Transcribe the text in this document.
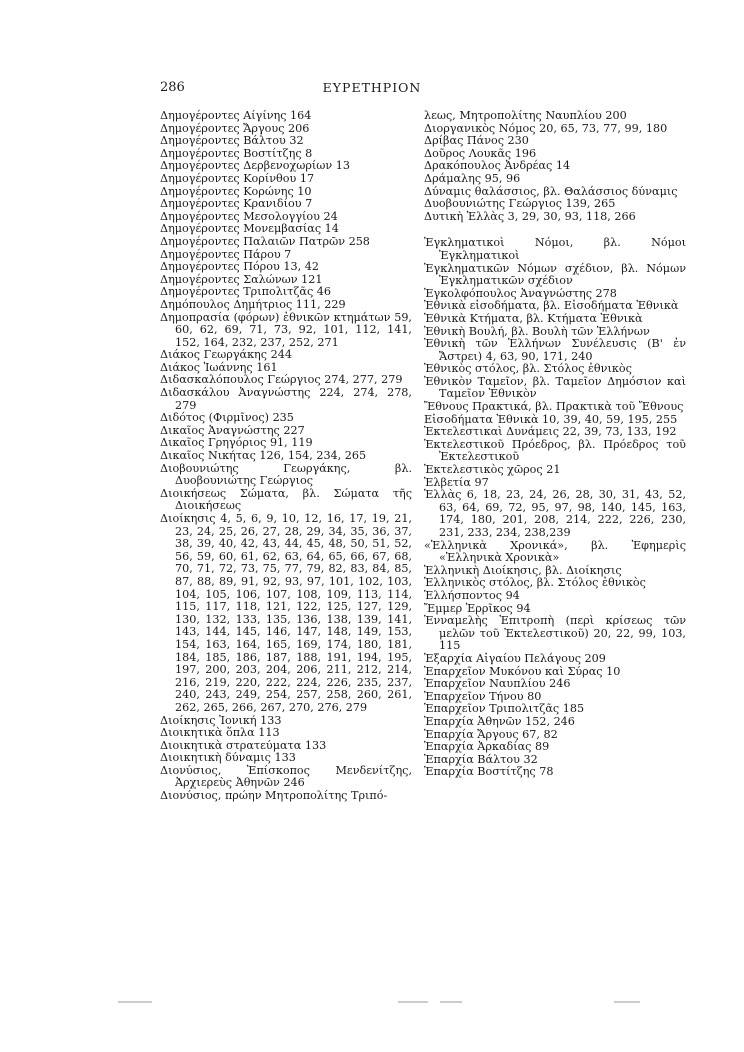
ΕΥΡΕΤΗΡΙΟΝ
286
Δημογέροντες Αίγίνης 164
Δημογέροντες Ἄργους 206
Δημογέροντες Βάλτου 32
Δημογέροντες Βοστίτζης 8
Δημογέροντες Δερβενοχωρίων 13
Δημογέροντες Κορίνθου 17
Δημογέροντες Κορώνης 10
Δημογέροντες Κρανιδίου 7
Δημογέροντες Μεσολογγίου 24
Δημογέροντες Μονεμβασίας 14
Δημογέροντες Παλαιῶν Πατρῶν 258
Δημογέροντες Πάρου 7
Δημογέροντες Πόρου 13, 42
Δημογέροντες Σαλώνων 121
Δημογέροντες Τριπολιτζᾶς 46
Δημόπουλος Δημήτριος 111, 229
Δημοπρασία (φόρων) ἐθνικῶν κτημάτων 59, 60, 62, 69, 71, 73, 92, 101, 112, 141, 152, 164, 232, 237, 252, 271
Διάκος Γεωργάκης 244
Διάκος Ἰωάννης 161
Διδασκαλόπουλος Γεώργιος 274, 277, 279
Διδασκάλου Ἀναγνώστης 224, 274, 278, 279
Διδότος (Φιρμῖνος) 235
Δικαῖος Ἀναγνώστης 227
Δικαῖος Γρηγόριος 91, 119
Δικαῖος Νικήτας 126, 154, 234, 265
Διοβουνιώτης Γεωργάκης, βλ. Δυοβουνιώτης Γεώργιος
Διοικήσεως Σώματα, βλ. Σώματα τῆς Διοικήσεως
Διοίκησις 4, 5, 6, 9, 10, 12, 16, 17, 19, 21, 23, 24, 25, 26, 27, 28, 29, 34, 35, 36, 37, 38, 39, 40, 42, 43, 44, 45, 48, 50, 51, 52, 56, 59, 60, 61, 62, 63, 64, 65, 66, 67, 68, 70, 71, 72, 73, 75, 77, 79, 82, 83, 84, 85, 87, 88, 89, 91, 92, 93, 97, 101, 102, 103, 104, 105, 106, 107, 108, 109, 113, 114, 115, 117, 118, 121, 122, 125, 127, 129, 130, 132, 133, 135, 136, 138, 139, 141, 143, 144, 145, 146, 147, 148, 149, 153, 154, 163, 164, 165, 169, 174, 180, 181, 184, 185, 186, 187, 188, 191, 194, 195, 197, 200, 203, 204, 206, 211, 212, 214, 216, 219, 220, 222, 224, 226, 235, 237, 240, 243, 249, 254, 257, 258, 260, 261, 262, 265, 266, 267, 270, 276, 279
Διοίκησις Ἰονική 133
Διοικητικὰ ὅπλα 113
Διοικητικὰ στρατεύματα 133
Διοικητικὴ δύναμις 133
Διονύσιος, Ἐπίσκοπος Μενδενίτζης, Ἀρχιερεὺς Ἀθηνῶν 246
Διονύσιος, πρώην Μητροπολίτης Τριπό-
λεως, Μητροπολίτης Ναυπλίου 200
Διοργανικὸς Νόμος 20, 65, 73, 77, 99, 180
Δρίβας Πάνος 230
Δοῦρος Λουκᾶς 196
Δρακόπουλος Ἀνδρέας 14
Δράμαλης 95, 96
Δύναμις θαλάσσιος, βλ. Θαλάσσιος δύναμις
Δυοβουνιώτης Γεώργιος 139, 265
Δυτικὴ Ἑλλὰς 3, 29, 30, 93, 118, 266
Ἐγκληματικοὶ Νόμοι, βλ. Νόμοι Ἐγκληματικοὶ
Ἐγκληματικῶν Νόμων σχέδιον, βλ. Νόμων Ἐγκληματικῶν σχέδιον
Ἐγκολφόπουλος Ἀναγνώστης 278
Ἐθνικὰ εἰσοδήματα, βλ. Εἰσοδήματα Ἐθνικὰ
Ἐθνικὰ Κτήματα, βλ. Κτήματα Ἐθνικὰ
Ἐθνικὴ Βουλή, βλ. Βουλὴ τῶν Ἑλλήνων
Ἐθνικὴ τῶν Ἑλλήνων Συνέλευσις (Β' ἐν Ἄστρει) 4, 63, 90, 171, 240
Ἐθνικὸς στόλος, βλ. Στόλος ἐθνικὸς
Ἐθνικὸν Ταμεῖον, βλ. Ταμεῖον Δημόσιον καὶ Ταμεῖον Ἐθνικὸν
Ἔθνους Πρακτικά, βλ. Πρακτικὰ τοῦ Ἔθνους
Εἰσοδήματα Ἐθνικὰ 10, 39, 40, 59, 195, 255
Ἐκτελεστικαὶ Δυνάμεις 22, 39, 73, 133, 192
Ἐκτελεστικοῦ Πρόεδρος, βλ. Πρόεδρος τοῦ Ἐκτελεστικοῦ
Ἐκτελεστικὸς χῶρος 21
Ἑλβετία 97
Ἑλλὰς 6, 18, 23, 24, 26, 28, 30, 31, 43, 52, 63, 64, 69, 72, 95, 97, 98, 140, 145, 163, 174, 180, 201, 208, 214, 222, 226, 230, 231, 233, 234, 238,239
«Ἑλληνικὰ Χρονικά», βλ. Ἐφημερὶς «Ἑλληνικὰ Χρονικὰ»
Ἑλληνικὴ Διοίκησις, βλ. Διοίκησις
Ἑλληνικὸς στόλος, βλ. Στόλος ἐθνικὸς
Ἑλλήσποντος 94
Ἔμμερ Ἐρρῖκος 94
Ἐνναμελὴς Ἐπιτροπὴ (περὶ κρίσεως τῶν μελῶν τοῦ Ἐκτελεστικοῦ) 20, 22, 99, 103, 115
Ἐξαρχία Αἰγαίου Πελάγους 209
Ἐπαρχεῖον Μυκόνου καὶ Σύρας 10
Ἐπαρχεῖον Ναυπλίου 246
Ἐπαρχεῖον Τήνου 80
Ἐπαρχεῖον Τριπολιτζᾶς 185
Ἐπαρχία Ἀθηνῶν 152, 246
Ἐπαρχία Ἄργους 67, 82
Ἐπαρχία Ἀρκαδίας 89
Ἐπαρχία Βάλτου 32
Ἐπαρχία Βοστίτζης 78
